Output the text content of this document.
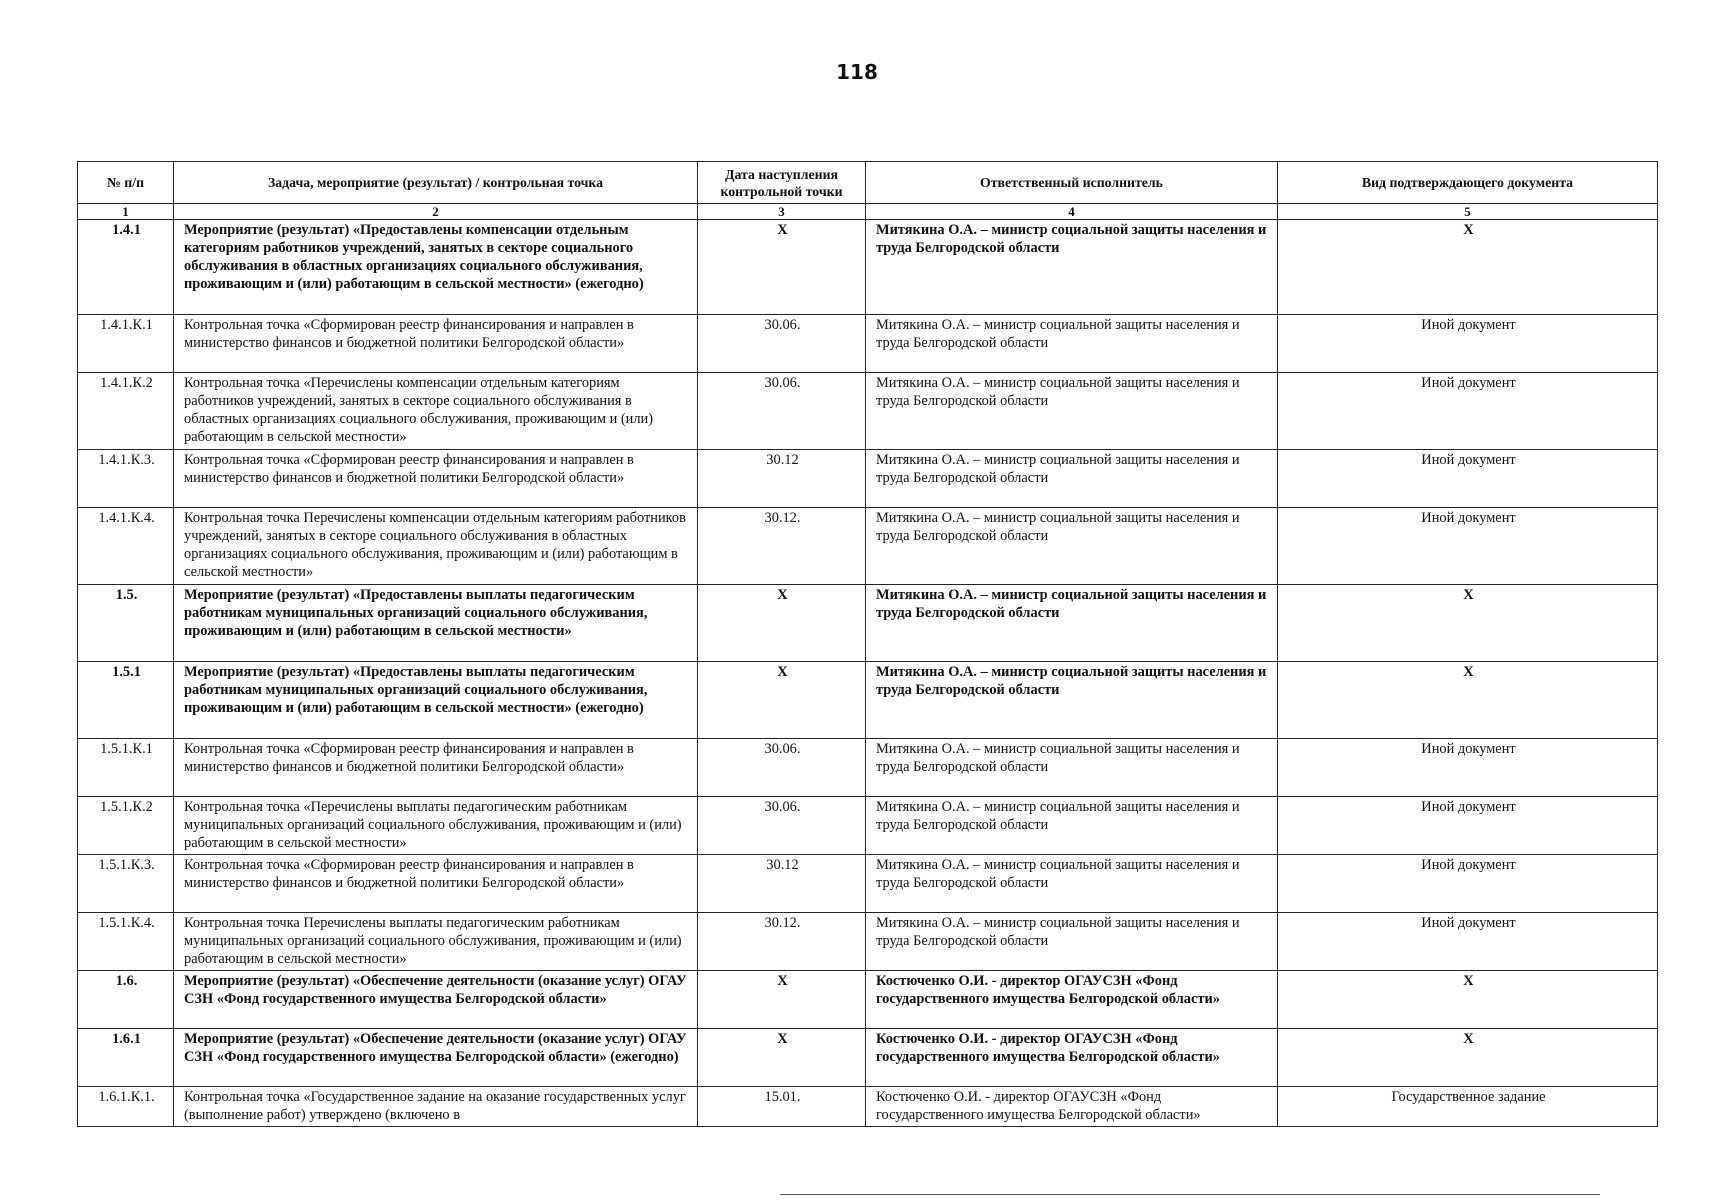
118
№ п/п	Задача, мероприятие (результат) / контрольная точка	Дата наступления контрольной точки	Ответственный исполнитель	Вид подтверждающего документа
1	2	3	4	5
1.4.1	Мероприятие (результат) «Предоставлены компенсации отдельным категориям работников учреждений, занятых в секторе социального обслуживания в областных организациях социального обслуживания, проживающим и (или) работающим в сельской местности» (ежегодно)	X	Митякина О.А. – министр социальной защиты населения и труда Белгородской области	X
1.4.1.К.1	Контрольная точка «Сформирован реестр финансирования и направлен в министерство финансов и бюджетной политики Белгородской области»	30.06.	Митякина О.А. – министр социальной защиты населения и труда Белгородской области	Иной документ
1.4.1.К.2	Контрольная точка «Перечислены компенсации отдельным категориям работников учреждений, занятых в секторе социального обслуживания в областных организациях социального обслуживания, проживающим и (или) работающим в сельской местности»	30.06.	Митякина О.А. – министр социальной защиты населения и труда Белгородской области	Иной документ
1.4.1.К.3.	Контрольная точка «Сформирован реестр финансирования и направлен в министерство финансов и бюджетной политики Белгородской области»	30.12	Митякина О.А. – министр социальной защиты населения и труда Белгородской области	Иной документ
1.4.1.К.4.	Контрольная точка Перечислены компенсации отдельным категориям работников учреждений, занятых в секторе социального обслуживания в областных организациях социального обслуживания, проживающим и (или) работающим в сельской местности»	30.12.	Митякина О.А. – министр социальной защиты населения и труда Белгородской области	Иной документ
1.5.	Мероприятие (результат) «Предоставлены выплаты педагогическим работникам муниципальных организаций социального обслуживания, проживающим и (или) работающим в сельской местности»	X	Митякина О.А. – министр социальной защиты населения и труда Белгородской области	X
1.5.1	Мероприятие (результат) «Предоставлены выплаты педагогическим работникам муниципальных организаций социального обслуживания, проживающим и (или) работающим в сельской местности» (ежегодно)	X	Митякина О.А. – министр социальной защиты населения и труда Белгородской области	X
1.5.1.К.1	Контрольная точка «Сформирован реестр финансирования и направлен в министерство финансов и бюджетной политики Белгородской области»	30.06.	Митякина О.А. – министр социальной защиты населения и труда Белгородской области	Иной документ
1.5.1.К.2	Контрольная точка «Перечислены выплаты педагогическим работникам муниципальных организаций социального обслуживания, проживающим и (или) работающим в сельской местности»	30.06.	Митякина О.А. – министр социальной защиты населения и труда Белгородской области	Иной документ
1.5.1.К.3.	Контрольная точка «Сформирован реестр финансирования и направлен в министерство финансов и бюджетной политики Белгородской области»	30.12	Митякина О.А. – министр социальной защиты населения и труда Белгородской области	Иной документ
1.5.1.К.4.	Контрольная точка Перечислены выплаты педагогическим работникам муниципальных организаций социального обслуживания, проживающим и (или) работающим в сельской местности»	30.12.	Митякина О.А. – министр социальной защиты населения и труда Белгородской области	Иной документ
1.6.	Мероприятие (результат) «Обеспечение деятельности (оказание услуг) ОГАУ СЗН «Фонд государственного имущества Белгородской области»	X	Костюченко О.И. - директор ОГАУСЗН «Фонд государственного имущества Белгородской области»	X
1.6.1	Мероприятие (результат) «Обеспечение деятельности (оказание услуг) ОГАУ СЗН «Фонд государственного имущества Белгородской области» (ежегодно)	X	Костюченко О.И. - директор ОГАУСЗН «Фонд государственного имущества Белгородской области»	X
1.6.1.К.1.	Контрольная точка «Государственное задание на оказание государственных услуг (выполнение работ) утверждено (включено в	15.01.	Костюченко О.И. - директор ОГАУСЗН «Фонд государственного имущества Белгородской области»	Государственное задание
